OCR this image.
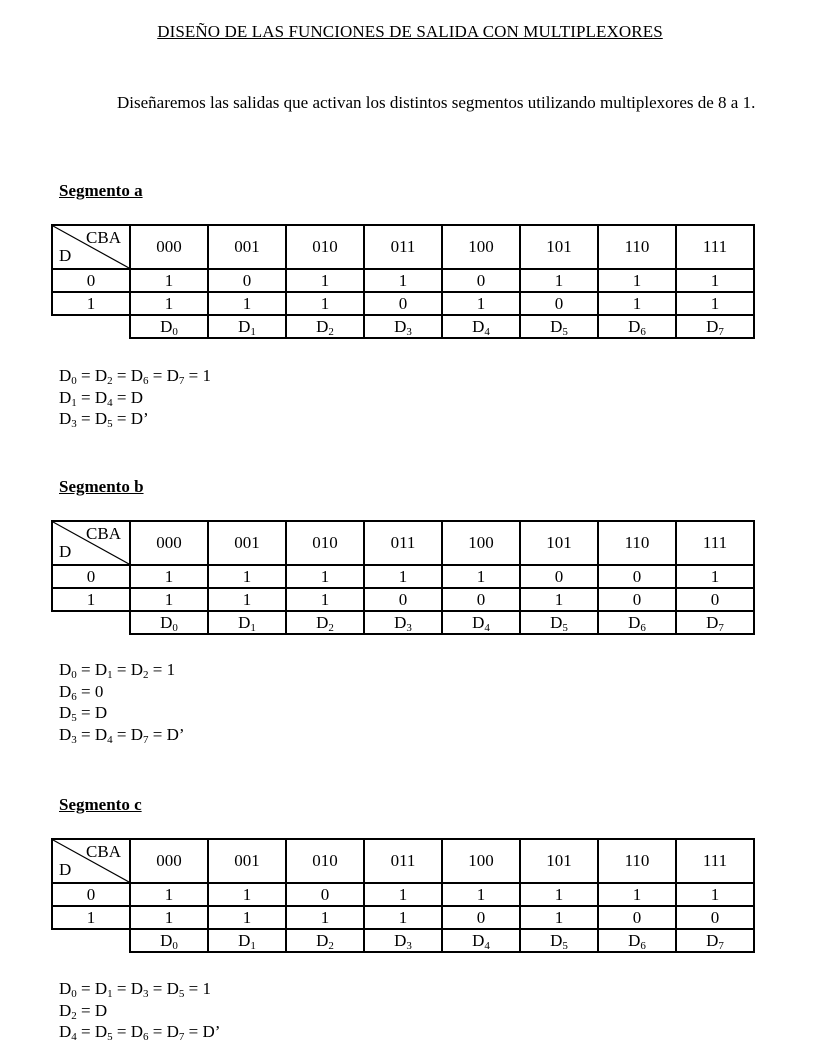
DISEÑO DE LAS FUNCIONES DE SALIDA CON MULTIPLEXORES
Diseñaremos las salidas que activan los distintos segmentos utilizando multiplexores de 8 a 1.
Segmento a
CBA
D	000	001	010	011	100	101	110	111
0	1	0	1	1	0	1	1	1
1	1	1	1	0	1	0	1	1
	$D_0$	$D_1$	$D_2$	$D_3$	$D_4$	$D_5$	$D_6$	$D_7$
$D_0 = D_2 = D_6 = D_7 = 1$
$D_1 = D_4 = D$
$D_3 = D_5 = D$’
Segmento b
CBA
D	000	001	010	011	100	101	110	111
0	1	1	1	1	1	0	0	1
1	1	1	1	0	0	1	0	0
	$D_0$	$D_1$	$D_2$	$D_3$	$D_4$	$D_5$	$D_6$	$D_7$
$D_0 = D_1 = D_2 = 1$
$D_6 = 0$
$D_5 = D$
$D_3 = D_4 = D_7 = D$’
Segmento c
CBA
D	000	001	010	011	100	101	110	111
0	1	1	0	1	1	1	1	1
1	1	1	1	1	0	1	0	0
	$D_0$	$D_1$	$D_2$	$D_3$	$D_4$	$D_5$	$D_6$	$D_7$
$D_0 = D_1 = D_3 = D_5 = 1$
$D_2 = D$
$D_4 = D_5 = D_6 = D_7 = D$’
